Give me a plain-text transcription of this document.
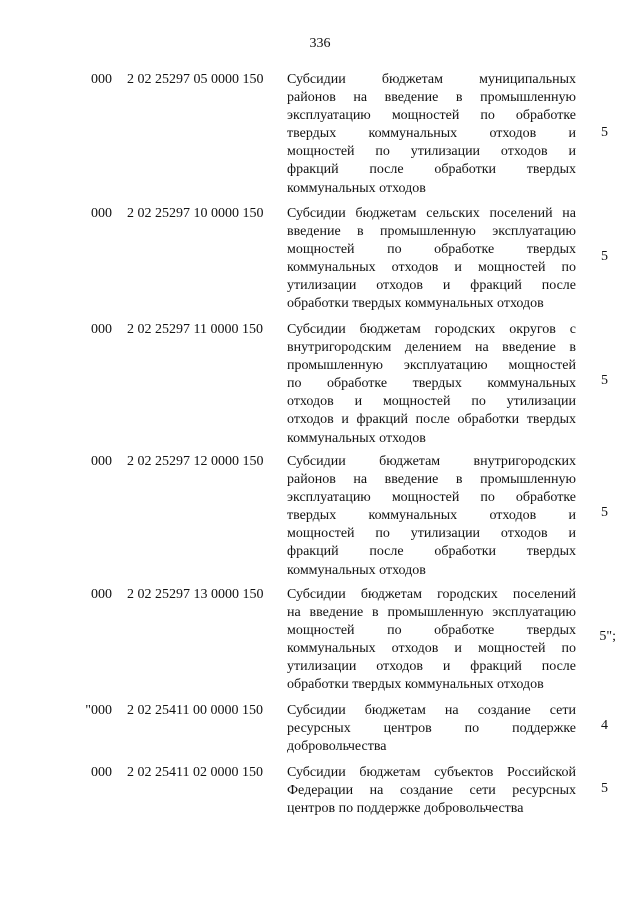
336
000 2 02 25297 05 0000 150 Субсидии бюджетам муниципальных
районов на введение в промышленную
эксплуатацию мощностей по обработке
твердых коммунальных отходов и
мощностей по утилизации отходов и
фракций после обработки твердых
коммунальных отходов
5
000 2 02 25297 10 0000 150 Субсидии бюджетам сельских поселений на
введение в промышленную эксплуатацию
мощностей по обработке твердых
коммунальных отходов и мощностей по
утилизации отходов и фракций после
обработки твердых коммунальных отходов
5
000 2 02 25297 11 0000 150 Субсидии бюджетам городских округов с
внутригородским делением на введение в
промышленную эксплуатацию мощностей
по обработке твердых коммунальных
отходов и мощностей по утилизации
отходов и фракций после обработки твердых
коммунальных отходов
5
000 2 02 25297 12 0000 150 Субсидии бюджетам внутригородских
районов на введение в промышленную
эксплуатацию мощностей по обработке
твердых коммунальных отходов и
мощностей по утилизации отходов и
фракций после обработки твердых
коммунальных отходов
5
000 2 02 25297 13 0000 150 Субсидии бюджетам городских поселений
на введение в промышленную эксплуатацию
мощностей по обработке твердых
коммунальных отходов и мощностей по
утилизации отходов и фракций после
обработки твердых коммунальных отходов
5";
"000 2 02 25411 00 0000 150 Субсидии бюджетам на создание сети
ресурсных центров по поддержке
добровольчества
4
000 2 02 25411 02 0000 150 Субсидии бюджетам субъектов Российской
Федерации на создание сети ресурсных
центров по поддержке добровольчества
5
